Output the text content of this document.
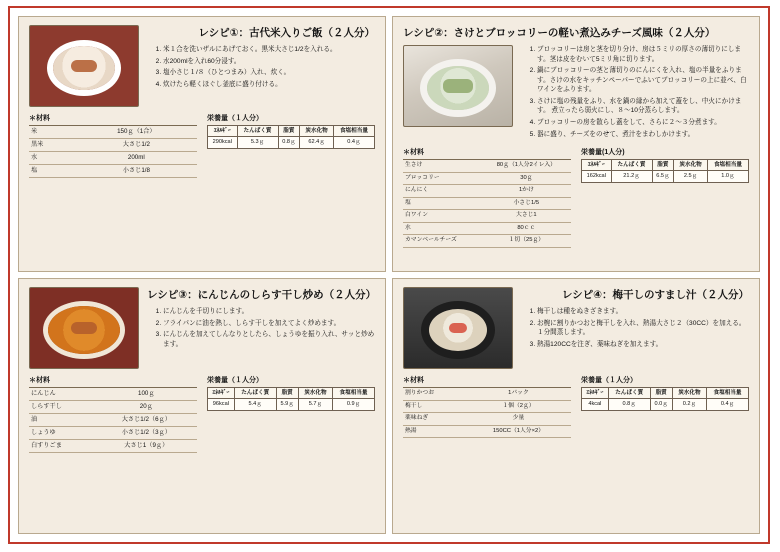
レシピ①：古代米入りご飯（２人分）
1. 米１合を洗いザルにあげておく。黒米大さじ1/2を入れる。
2. 水200mlを入れ60分浸す。
3. 塩小さじ１/８（ひとつまみ）入れ、炊く。
4. 炊けたら軽くほぐし釜底に盛り付ける。
＊材料
米	150ｇ（1合）
黒米	大さじ1/2
水	200ml
塩	小さじ1/8
栄養量（１人分）
ｴﾈﾙｷﾞｰ	たんぱく質	脂質	炭水化物	食塩相当量
290kcal	5.3ｇ	0.8ｇ	62.4ｇ	0.4ｇ
レシピ②：さけとブロッコリーの軽い煮込みチーズ風味（２人分）
1. ブロッコリーは房と茎を切り分け、房は５ミリの厚さの薄切りにします。茎は皮をむいて5ミリ角に切ります。
2. 鍋にブロッコリーの茎と薄切りのにんにくを入れ、塩の半量をふります。さけの水をキッチンペーパーでふいてブロッコリーの上に並べ、白ワインをふります。
3. さけに塩の残量をふり、水を鍋の縁から加えて蓋をし、中火にかけます。 煮立ったら弱火にし、８～10分蒸らします。
4. ブロッコリーの房を散らし蓋をして、さらに２～３分煮ます。
5. 器に盛り、チーズをのせて、煮汁をまわしかけます。
＊材料
生さけ	80ｇ（1人分2イレ入）
ブロッコリー	30ｇ
にんにく	1かけ
塩	小さじ1/5
白ワイン	大さじ1
水	80ｃｃ
カマンベールチーズ	１切（25ｇ）
栄養量(1人分)
ｴﾈﾙｷﾞｰ	たんぱく質	脂質	炭水化物	食塩相当量
162kcal	21.2ｇ	6.5ｇ	2.5ｇ	1.0ｇ
レシピ③：にんじんのしらす干し炒め（２人分）
1. にんじんを千切りにします。
2. フライパンに油を熱し、しらす干しを加えてよく炒めます。
3. にんじんを加えてしんなりとしたら、しょうゆを振り入れ、サッと炒めます。
＊材料
にんじん	100ｇ
しらす干し	20ｇ
油	大さじ1/2（6ｇ）
しょうゆ	小さじ1/2（3ｇ）
白すりごま	大さじ1（9ｇ）
栄養量（１人分）
ｴﾈﾙｷﾞｰ	たんぱく質	脂質	炭水化物	食塩相当量
96kcal	5.4ｇ	5.9ｇ	5.7ｇ	0.9ｇ
レシピ④：梅干しのすまし汁（２人分）
1. 梅干しは種をぬきざきます。
2. お椀に割りかつおと梅干しを入れ、熱湯大さじ２（30CC）を加える。１分間蒸します。
3. 熱湯120CCを注ぎ、薬味ねぎを加えます。
＊材料
割りかつお	1パック
梅干し	１個（2ｇ）
薬味ねぎ	少量
熱湯	150CC（1人分×2）
栄養量（１人分）
ｴﾈﾙｷﾞｰ	たんぱく質	脂質	炭水化物	食塩相当量
4kcal	0.8ｇ	0.0ｇ	0.2ｇ	0.4ｇ
